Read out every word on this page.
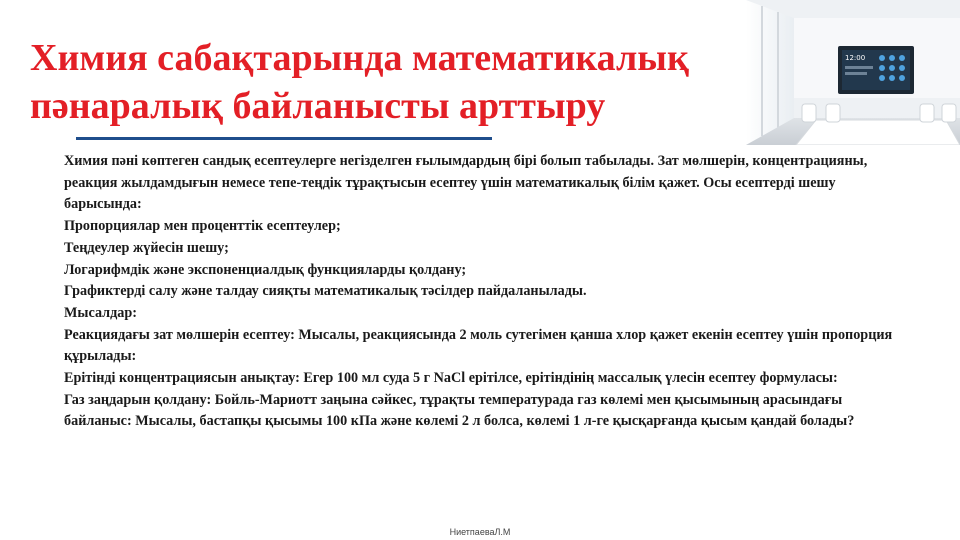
Химия сабақтарында математикалық
пәнаралық байланысты арттыру
12:00

Химия пәні көптеген сандық есептеулерге негізделген ғылымдардың бірі болып табылады. Зат мөлшерін, концентрацияны, реакция жылдамдығын немесе тепе-теңдік тұрақтысын есептеу үшін математикалық білім қажет. Осы есептерді шешу барысында:

Пропорциялар мен проценттік есептеулер;

Теңдеулер жүйесін шешу;

Логарифмдік және экспоненциалдық функцияларды қолдану;

Графиктерді салу және талдау сияқты математикалық тәсілдер пайдаланылады.

Мысалдар:

Реакциядағы зат мөлшерін есептеу: Мысалы, реакциясында 2 моль сутегімен қанша хлор қажет екенін есептеу үшін пропорция құрылады:

Ерітінді концентрациясын анықтау: Егер 100 мл суда 5 г NaCl ерітілсе, ерітіндінің массалық үлесін есептеу формуласы:

Газ заңдарын қолдану: Бойль-Мариотт заңына сәйкес, тұрақты температурада газ көлемі мен қысымының арасындағы байланыс: Мысалы, бастапқы қысымы 100 кПа және көлемі 2 л болса, көлемі 1 л-ге қысқарғанда қысым қандай болады?

НиетпаеваЛ.М
